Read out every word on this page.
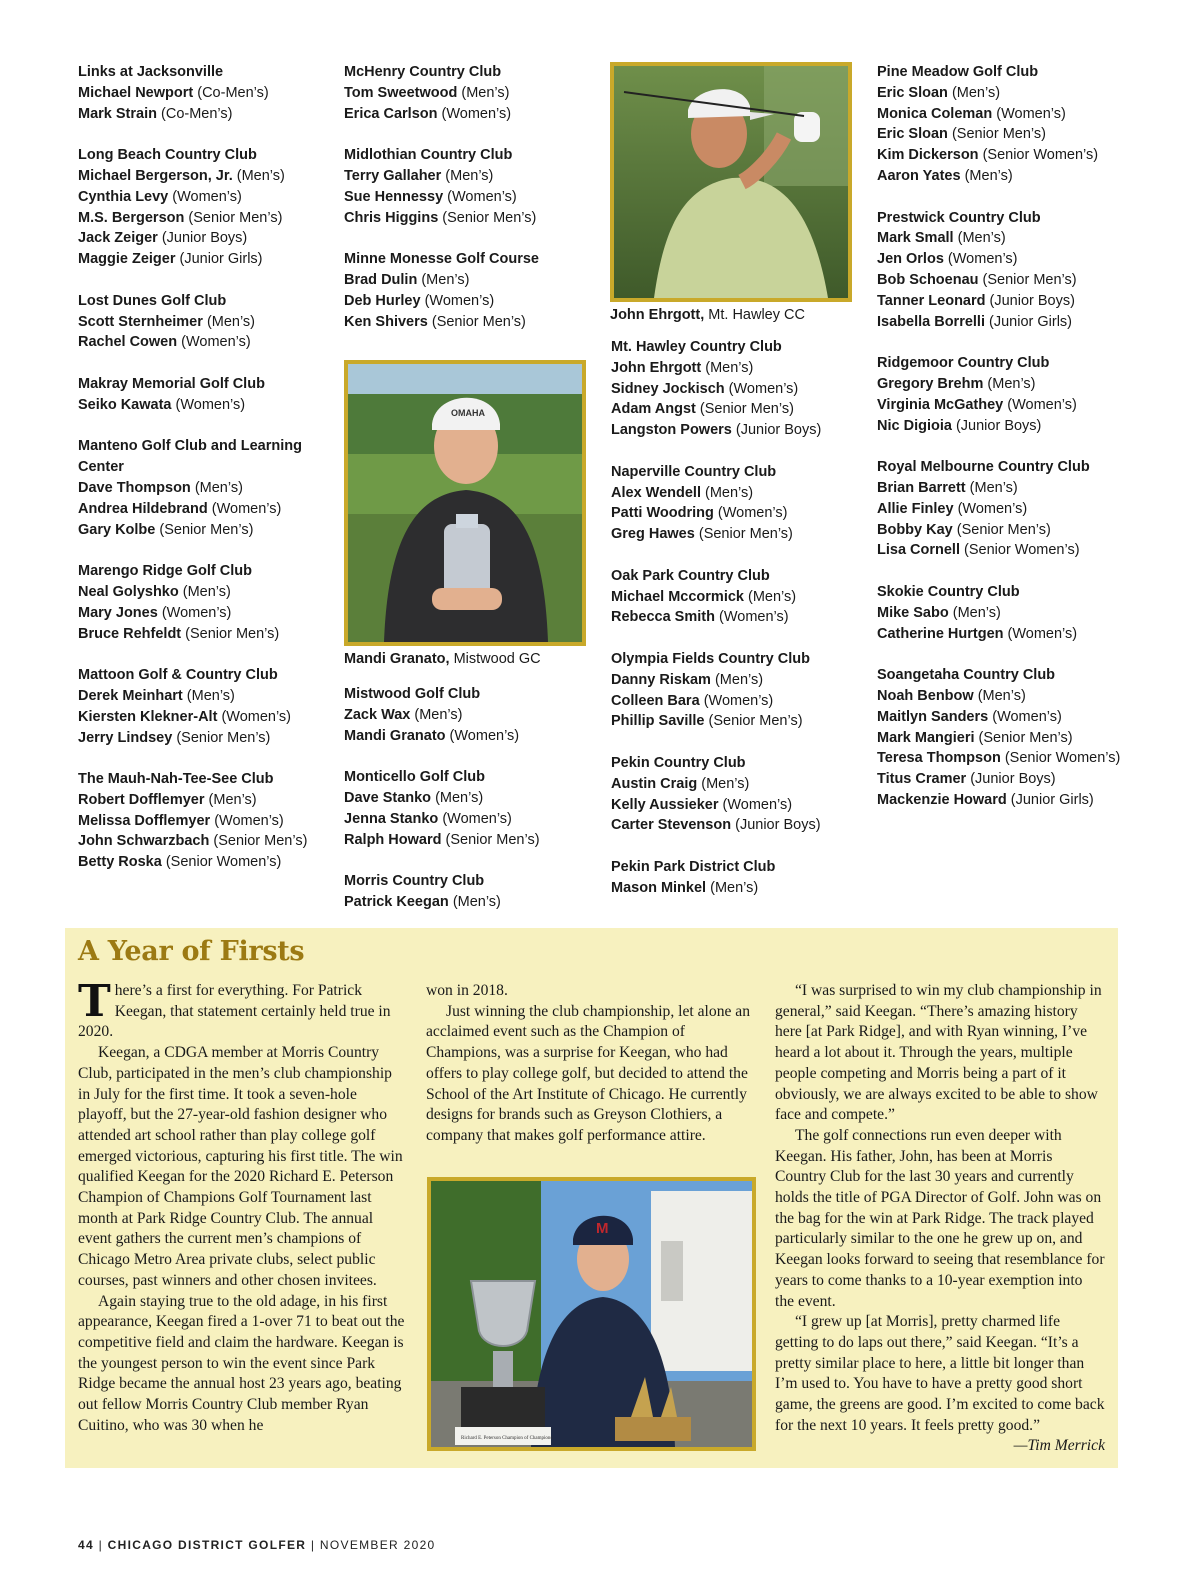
Links at Jacksonville
Michael Newport (Co-Men’s)
Mark Strain (Co-Men’s)
Long Beach Country Club
Michael Bergerson, Jr. (Men’s)
Cynthia Levy (Women’s)
M.S. Bergerson (Senior Men’s)
Jack Zeiger (Junior Boys)
Maggie Zeiger (Junior Girls)
Lost Dunes Golf Club
Scott Sternheimer (Men’s)
Rachel Cowen (Women’s)
Makray Memorial Golf Club
Seiko Kawata (Women’s)
Manteno Golf Club and Learning Center
Dave Thompson (Men’s)
Andrea Hildebrand (Women’s)
Gary Kolbe (Senior Men’s)
Marengo Ridge Golf Club
Neal Golyshko (Men’s)
Mary Jones (Women’s)
Bruce Rehfeldt (Senior Men’s)
Mattoon Golf & Country Club
Derek Meinhart (Men’s)
Kiersten Klekner-Alt (Women’s)
Jerry Lindsey (Senior Men’s)
The Mauh-Nah-Tee-See Club
Robert Dofflemyer (Men’s)
Melissa Dofflemyer (Women’s)
John Schwarzbach (Senior Men’s)
Betty Roska (Senior Women’s)
McHenry Country Club
Tom Sweetwood (Men’s)
Erica Carlson (Women’s)
Midlothian Country Club
Terry Gallaher (Men’s)
Sue Hennessy (Women’s)
Chris Higgins (Senior Men’s)
Minne Monesse Golf Course
Brad Dulin (Men’s)
Deb Hurley (Women’s)
Ken Shivers (Senior Men’s)
Mistwood Golf Club
Zack Wax (Men’s)
Mandi Granato (Women’s)
Monticello Golf Club
Dave Stanko (Men’s)
Jenna Stanko (Women’s)
Ralph Howard (Senior Men’s)
Morris Country Club
Patrick Keegan (Men’s)
Mt. Hawley Country Club
John Ehrgott (Men’s)
Sidney Jockisch (Women’s)
Adam Angst (Senior Men’s)
Langston Powers (Junior Boys)
Naperville Country Club
Alex Wendell (Men’s)
Patti Woodring (Women’s)
Greg Hawes (Senior Men’s)
Oak Park Country Club
Michael Mccormick (Men’s)
Rebecca Smith (Women’s)
Olympia Fields Country Club
Danny Riskam (Men’s)
Colleen Bara (Women’s)
Phillip Saville (Senior Men’s)
Pekin Country Club
Austin Craig (Men’s)
Kelly Aussieker (Women’s)
Carter Stevenson (Junior Boys)
Pekin Park District Club
Mason Minkel (Men’s)
Pine Meadow Golf Club
Eric Sloan (Men’s)
Monica Coleman (Women’s)
Eric Sloan (Senior Men’s)
Kim Dickerson (Senior Women’s)
Aaron Yates (Men’s)
Prestwick Country Club
Mark Small (Men’s)
Jen Orlos (Women’s)
Bob Schoenau (Senior Men’s)
Tanner Leonard (Junior Boys)
Isabella Borrelli (Junior Girls)
Ridgemoor Country Club
Gregory Brehm (Men’s)
Virginia McGathey (Women’s)
Nic Digioia (Junior Boys)
Royal Melbourne Country Club
Brian Barrett (Men’s)
Allie Finley (Women’s)
Bobby Kay (Senior Men’s)
Lisa Cornell (Senior Women’s)
Skokie Country Club
Mike Sabo (Men’s)
Catherine Hurtgen (Women’s)
Soangetaha Country Club
Noah Benbow (Men’s)
Maitlyn Sanders (Women’s)
Mark Mangieri (Senior Men’s)
Teresa Thompson (Senior Women’s)
Titus Cramer (Junior Boys)
Mackenzie Howard (Junior Girls)
John Ehrgott, Mt. Hawley CC
OMAHA
Mandi Granato, Mistwood GC
A Year of Firsts

There’s a first for everything. For Patrick Keegan, that statement certainly held true in 2020.

Keegan, a CDGA member at Morris Country Club, participated in the men’s club championship in July for the first time. It took a seven-hole playoff, but the 27-year-old fashion designer who attended art school rather than play college golf emerged victorious, capturing his first title. The win qualified Keegan for the 2020 Richard E. Peterson Champion of Champions Golf Tournament last month at Park Ridge Country Club. The annual event gathers the current men’s champions of Chicago Metro Area private clubs, select public courses, past winners and other chosen invitees.

Again staying true to the old adage, in his first appearance, Keegan fired a 1-over 71 to beat out the competitive field and claim the hardware. Keegan is the youngest person to win the event since Park Ridge became the annual host 23 years ago, beating out fellow Morris Country Club member Ryan Cuitino, who was 30 when he

won in 2018.

Just winning the club championship, let alone an acclaimed event such as the Champion of Champions, was a surprise for Keegan, who had offers to play college golf, but decided to attend the School of the Art Institute of Chicago. He currently designs for brands such as Greyson Clothiers, a company that makes golf performance attire.

M
Richard E. Peterson Champion of Champions

“I was surprised to win my club championship in general,” said Keegan. “There’s amazing history here [at Park Ridge], and with Ryan winning, I’ve heard a lot about it. Through the years, multiple people competing and Morris being a part of it obviously, we are always excited to be able to show face and compete.”

The golf connections run even deeper with Keegan. His father, John, has been at Morris Country Club for the last 30 years and currently holds the title of PGA Director of Golf. John was on the bag for the win at Park Ridge. The track played particularly similar to the one he grew up on, and Keegan looks forward to seeing that resemblance for years to come thanks to a 10-year exemption into the event.

“I grew up [at Morris], pretty charmed life getting to do laps out there,” said Keegan. “It’s a pretty similar place to here, a little bit longer than I’m used to. You have to have a pretty good short game, the greens are good. I’m excited to come back for the next 10 years. It feels pretty good.”

—Tim Merrick

44 | CHICAGO DISTRICT GOLFER | NOVEMBER 2020
